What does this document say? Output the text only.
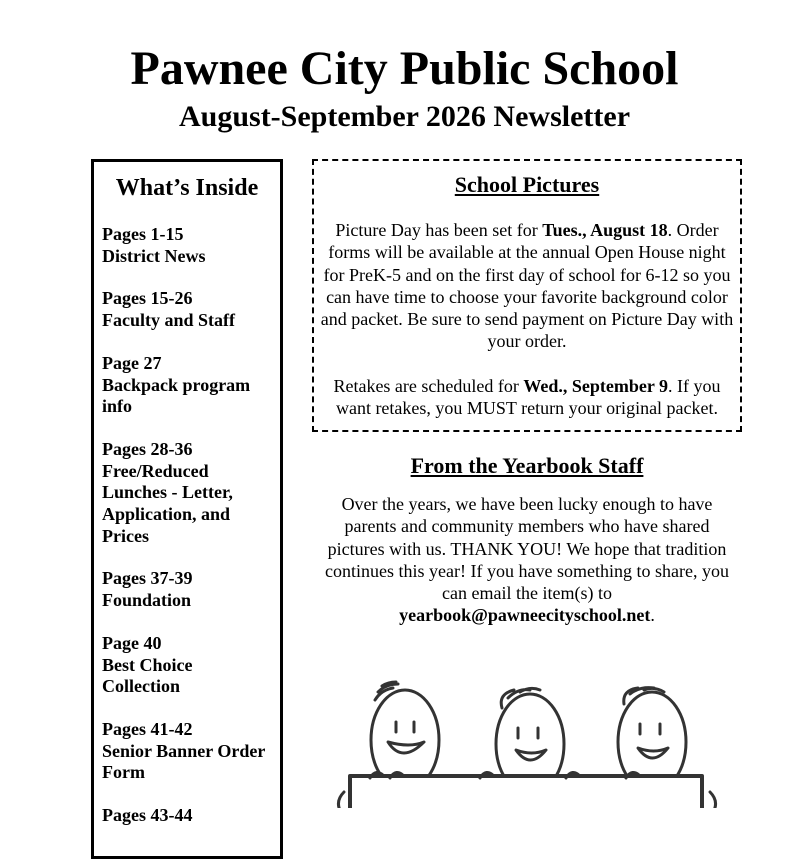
Pawnee City Public School
August-September 2026 Newsletter
What’s Inside
Pages 1-15
District News
Pages 15-26
Faculty and Staff
Page 27
Backpack program info
Pages 28-36
Free/Reduced Lunches - Letter, Application, and Prices
Pages 37-39
Foundation
Page 40
Best Choice Collection
Pages 41-42
Senior Banner Order Form
Pages 43-44

School Pictures

Picture Day has been set for Tues., August 18. Order forms will be available at the annual Open House night for PreK-5 and on the first day of school for 6-12 so you can have time to choose your favorite background color and packet. Be sure to send payment on Picture Day with your order.

Retakes are scheduled for Wed., September 9. If you want retakes, you MUST return your original packet.

From the Yearbook Staff

Over the years, we have been lucky enough to have parents and community members who have shared pictures with us. THANK YOU! We hope that tradition continues this year! If you have something to share, you can email the item(s) to yearbook@pawneecityschool.net.
